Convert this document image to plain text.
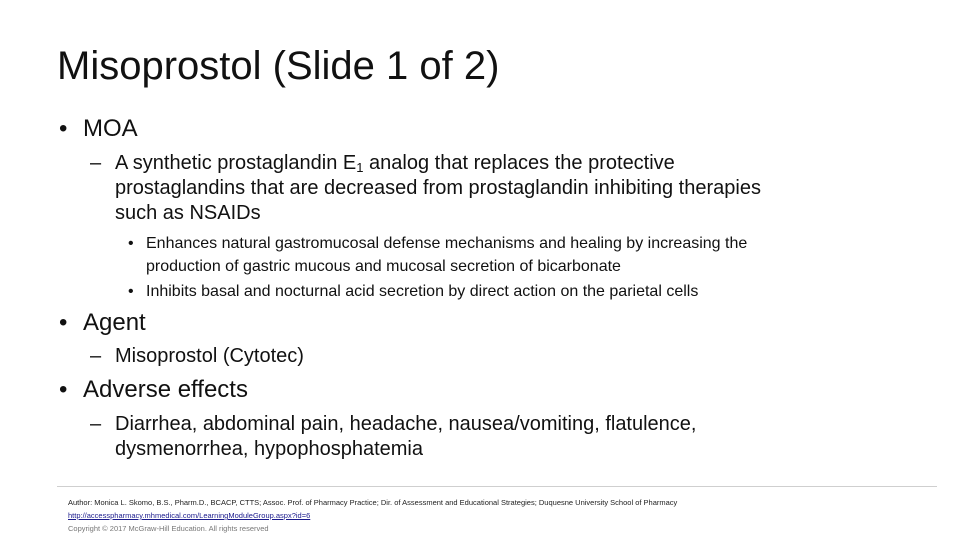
Misoprostol (Slide 1 of 2)
• MOA
– A synthetic prostaglandin $E_1$ analog that replaces the protective
prostaglandins that are decreased from prostaglandin inhibiting therapies
such as NSAIDs
• Enhances natural gastromucosal defense mechanisms and healing by increasing the
production of gastric mucous and mucosal secretion of bicarbonate
• Inhibits basal and nocturnal acid secretion by direct action on the parietal cells
• Agent
– Misoprostol (Cytotec)
• Adverse effects
– Diarrhea, abdominal pain, headache, nausea/vomiting, flatulence,
dysmenorrhea, hypophosphatemia
Author: Monica L. Skomo, B.S., Pharm.D., BCACP, CTTS; Assoc. Prof. of Pharmacy Practice; Dir. of Assessment and Educational Strategies; Duquesne University School of Pharmacy
http://accesspharmacy.mhmedical.com/LearningModuleGroup.aspx?id=6
Copyright © 2017 McGraw-Hill Education. All rights reserved
